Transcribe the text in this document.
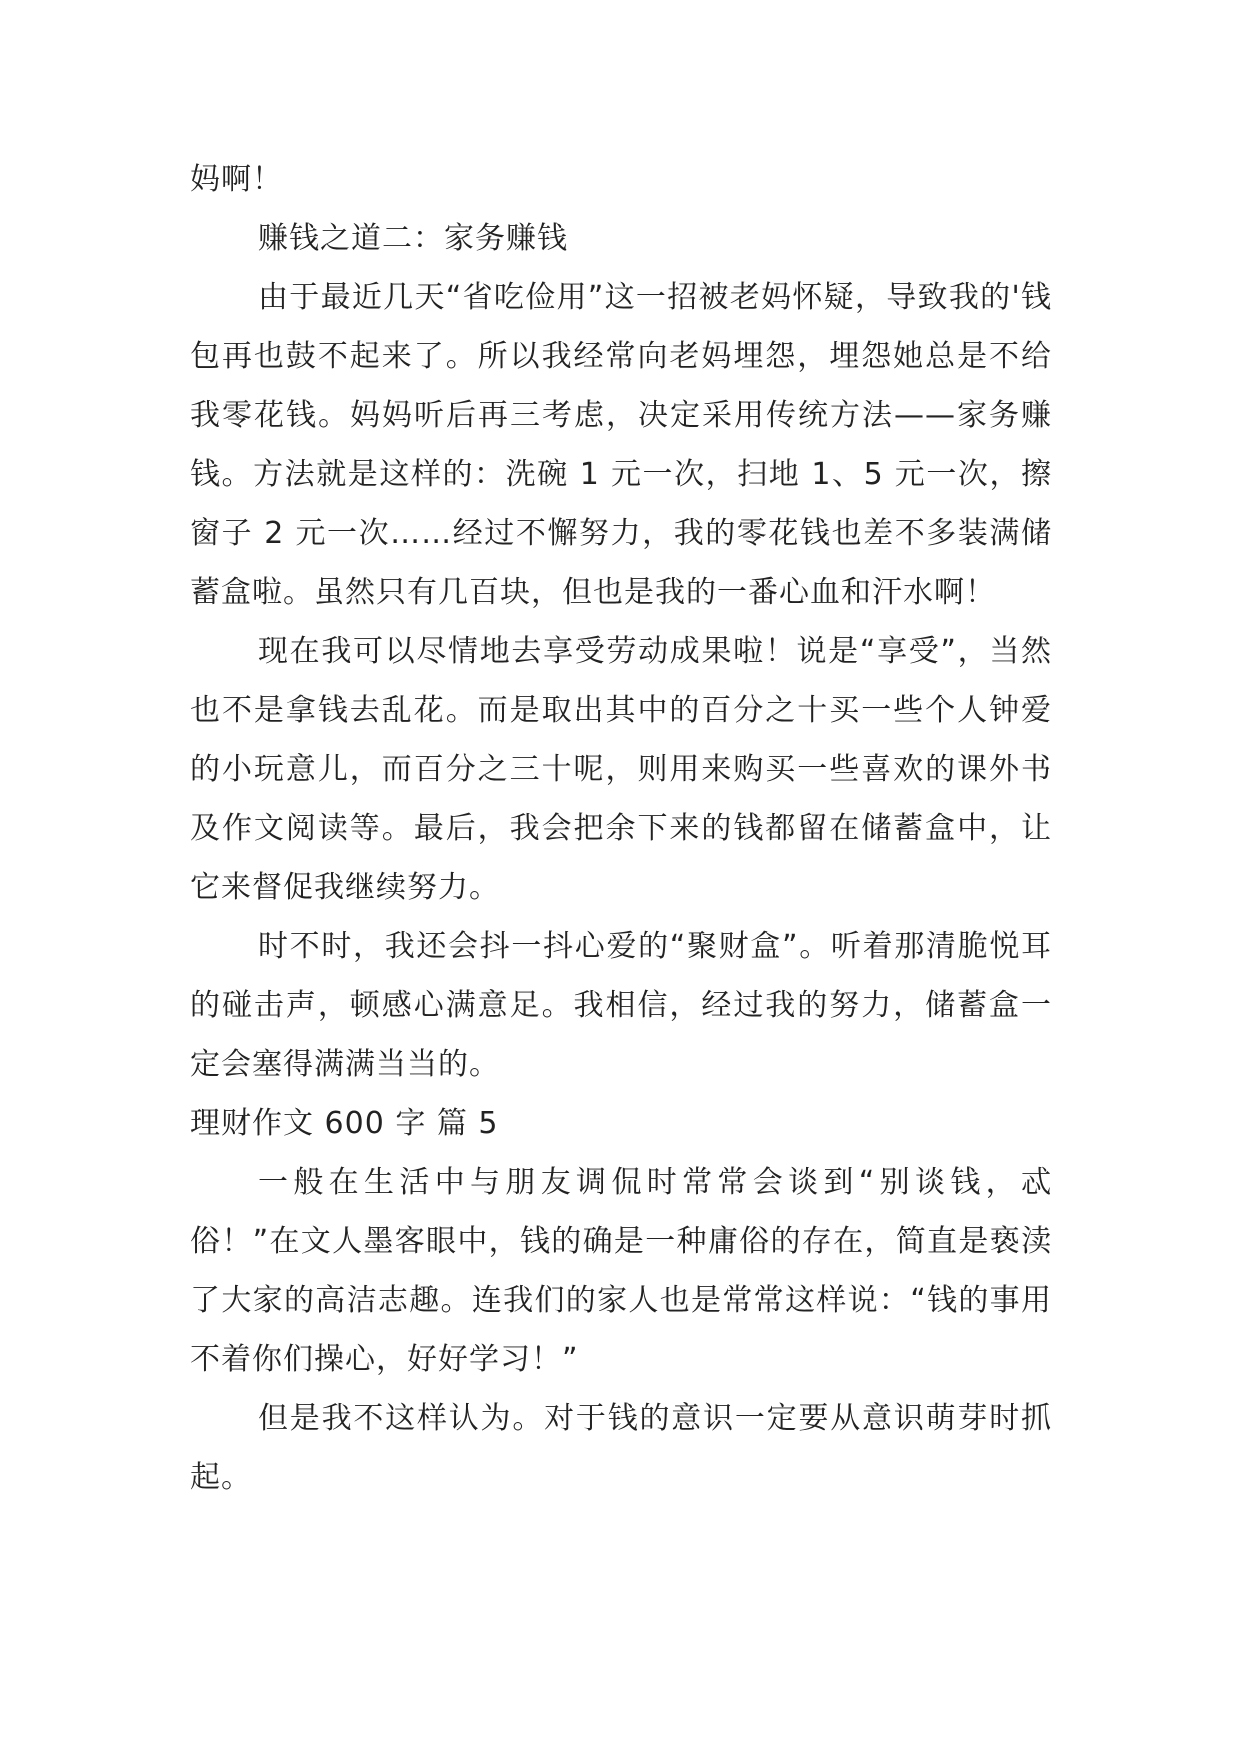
妈啊！

赚钱之道二：家务赚钱

由于最近几天“省吃俭用”这一招被老妈怀疑，导致我的'钱包再也鼓不起来了。所以我经常向老妈埋怨，埋怨她总是不给我零花钱。妈妈听后再三考虑，决定采用传统方法——家务赚钱。方法就是这样的：洗碗 1 元一次，扫地 1、5 元一次，擦窗子 2 元一次……经过不懈努力，我的零花钱也差不多装满储蓄盒啦。虽然只有几百块，但也是我的一番心血和汗水啊！

现在我可以尽情地去享受劳动成果啦！说是“享受”，当然也不是拿钱去乱花。而是取出其中的百分之十买一些个人钟爱的小玩意儿，而百分之三十呢，则用来购买一些喜欢的课外书及作文阅读等。最后，我会把余下来的钱都留在储蓄盒中，让它来督促我继续努力。

时不时，我还会抖一抖心爱的“聚财盒”。听着那清脆悦耳的碰击声，顿感心满意足。我相信，经过我的努力，储蓄盒一定会塞得满满当当的。

理财作文 600 字 篇 5

一般在生活中与朋友调侃时常常会谈到“别谈钱，忒俗！”在文人墨客眼中，钱的确是一种庸俗的存在，简直是亵渎了大家的高洁志趣。连我们的家人也是常常这样说：“钱的事用不着你们操心，好好学习！”

但是我不这样认为。对于钱的意识一定要从意识萌芽时抓起。
